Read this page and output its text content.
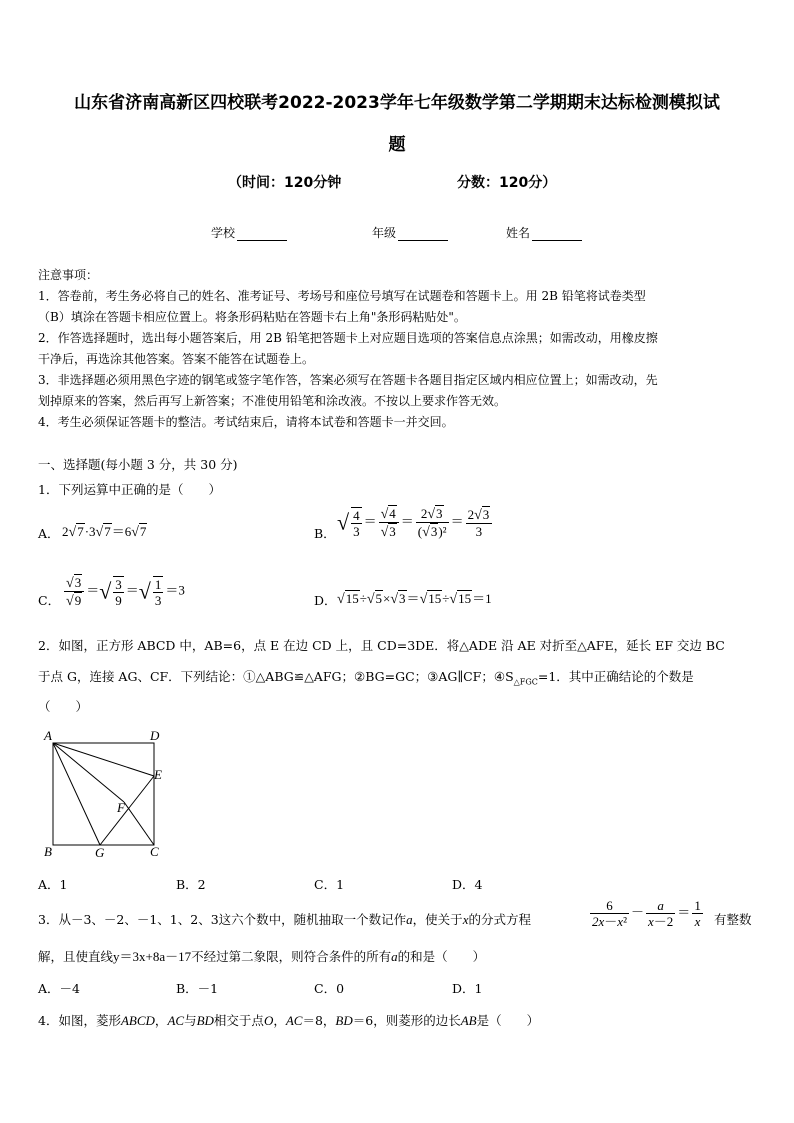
山东省济南高新区四校联考2022-2023学年七年级数学第二学期期末达标检测模拟试
题
（时间：120分钟	分数：120分）
学校	年级	姓名
注意事项：
1．答卷前，考生务必将自己的姓名、准考证号、考场号和座位号填写在试题卷和答题卡上。用 2B 铅笔将试卷类型
（B）填涂在答题卡相应位置上。将条形码粘贴在答题卡右上角"条形码粘贴处"。
2．作答选择题时，选出每小题答案后，用 2B 铅笔把答题卡上对应题目选项的答案信息点涂黑；如需改动，用橡皮擦
干净后，再选涂其他答案。答案不能答在试题卷上。
3．非选择题必须用黑色字迹的钢笔或签字笔作答，答案必须写在答题卡各题目指定区域内相应位置上；如需改动，先
划掉原来的答案，然后再写上新答案；不准使用铅笔和涂改液。不按以上要求作答无效。
4．考生必须保证答题卡的整洁。考试结束后，请将本试卷和答题卡一并交回。
一、选择题(每小题 3 分，共 30 分)
1．下列运算中正确的是（　　）
A． 2√7·3√7＝6√7	B． √ $\frac{4}{3} = \frac{√4}{√3} = \frac{2√3}{\text{(√3)²}} = \frac{2√3}{3}$
C． $\frac{√3}{√9}$ ＝√ $\frac{3}{9}$ ＝√ $\frac{1}{3} =3$
D． √15÷√5×√3＝√15÷√15＝1
2．如图，正方形 ABCD 中，AB=6，点 E 在边 CD 上，且 CD=3DE．将△ADE 沿 AE 对折至△AFE，延长 EF 交边 BC
于点 G，连接 AG、CF．下列结论：①△ABG≌△AFG；②BG=GC；③AG∥CF；$④S_{\triangle FGC}=1$．其中正确结论的个数是
（　　）
A	D
E
F
B	G	C
A．1	B．2	C．1	D．4
3．从－3、－2、－1、1、2、3这六个数中，随机抽取一个数记作a，使关于x的分式方程	$\frac{6}{\text{2x－x²}} - \frac{a}{x-2} = \frac{1}{x}$ 有整数
解，且使直线y＝3x+8a－17不经过第二象限，则符合条件的所有a的和是（　　）
A．－4	B．－1	C．0	D．1
4．如图，菱形ABCD，AC与BD相交于点O，AC＝8，BD＝6，则菱形的边长AB是（　　）
